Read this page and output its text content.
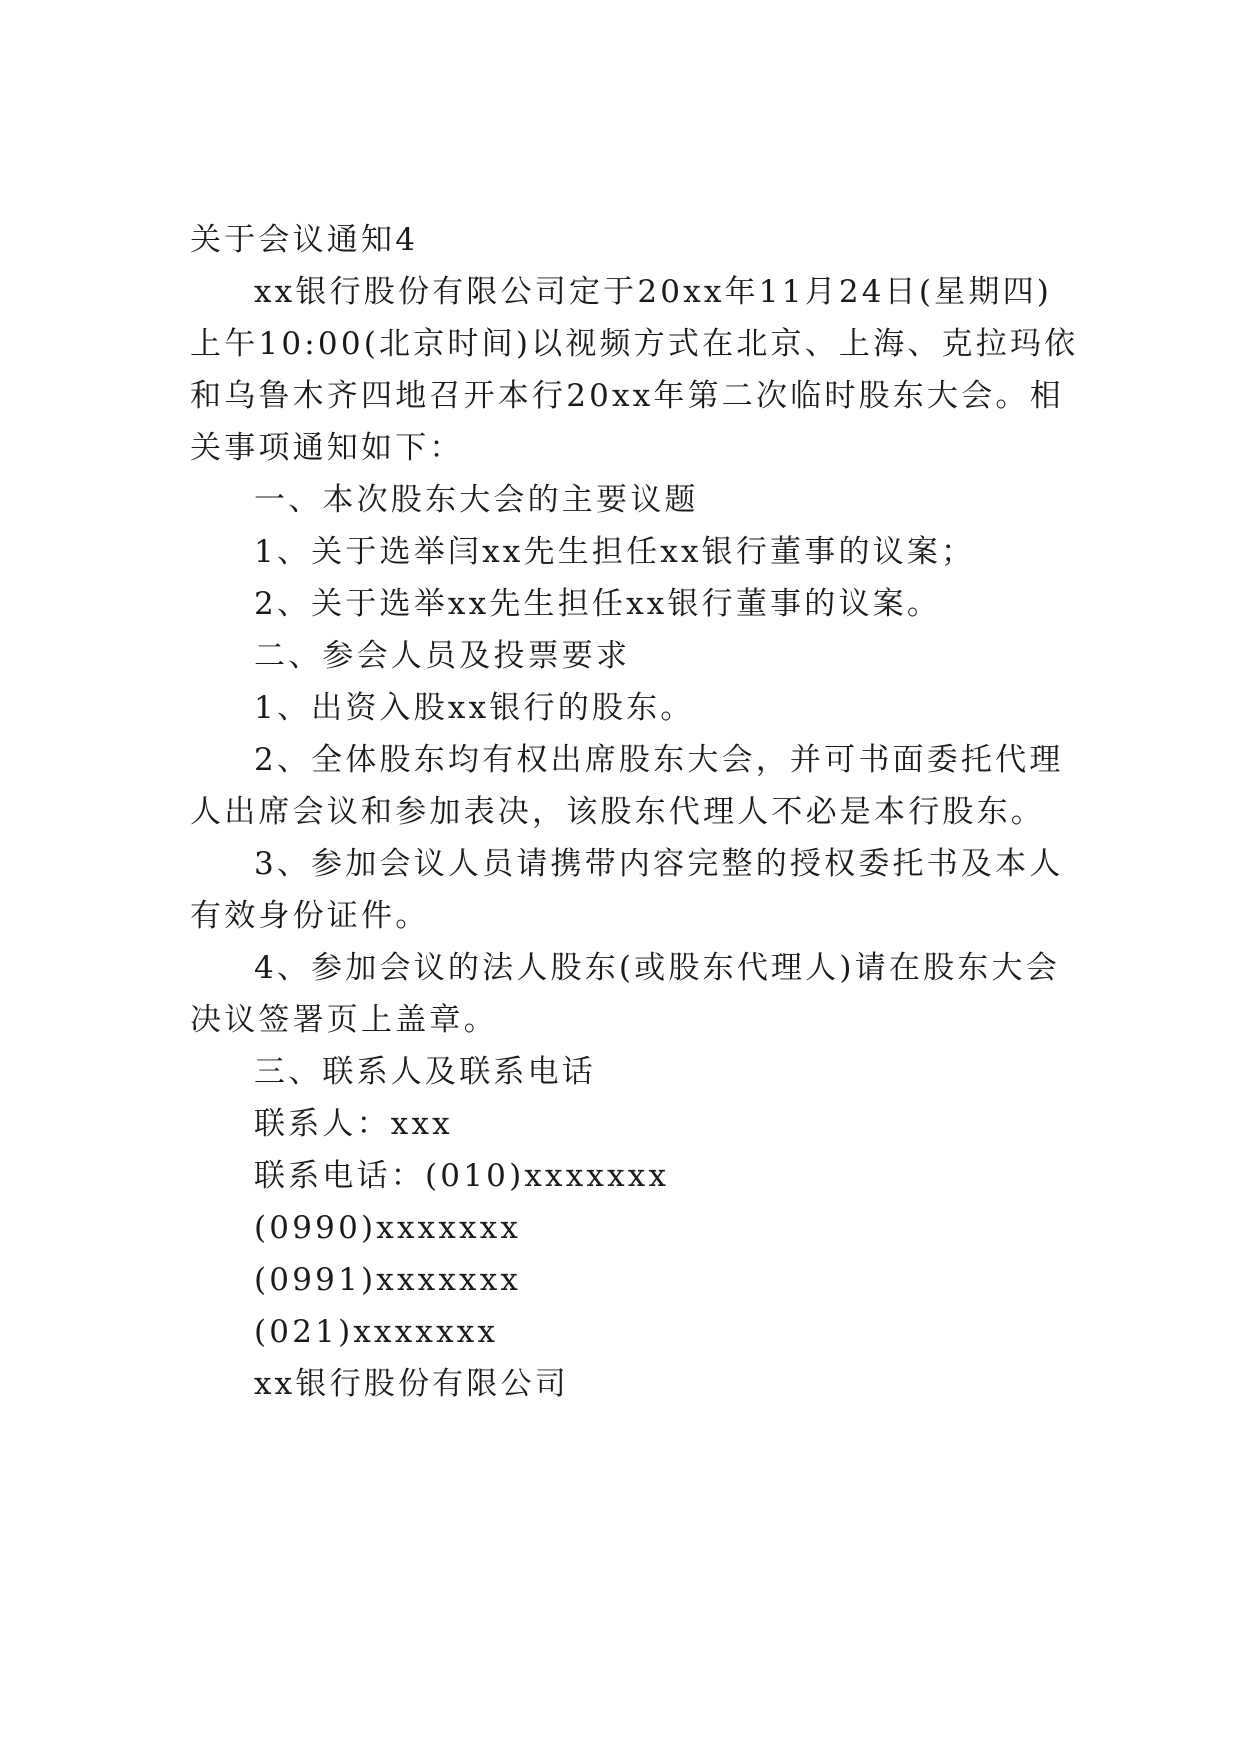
关于会议通知4
xx银行股份有限公司定于20xx年11月24日(星期四)
上午10:00(北京时间)以视频方式在北京、上海、克拉玛依
和乌鲁木齐四地召开本行20xx年第二次临时股东大会。相
关事项通知如下：
一、本次股东大会的主要议题
1、关于选举闫xx先生担任xx银行董事的议案；
2、关于选举xx先生担任xx银行董事的议案。
二、参会人员及投票要求
1、出资入股xx银行的股东。
2、全体股东均有权出席股东大会，并可书面委托代理
人出席会议和参加表决，该股东代理人不必是本行股东。
3、参加会议人员请携带内容完整的授权委托书及本人
有效身份证件。
4、参加会议的法人股东(或股东代理人)请在股东大会
决议签署页上盖章。
三、联系人及联系电话
联系人：xxx
联系电话：(010)xxxxxxx
(0990)xxxxxxx
(0991)xxxxxxx
(021)xxxxxxx
xx银行股份有限公司
